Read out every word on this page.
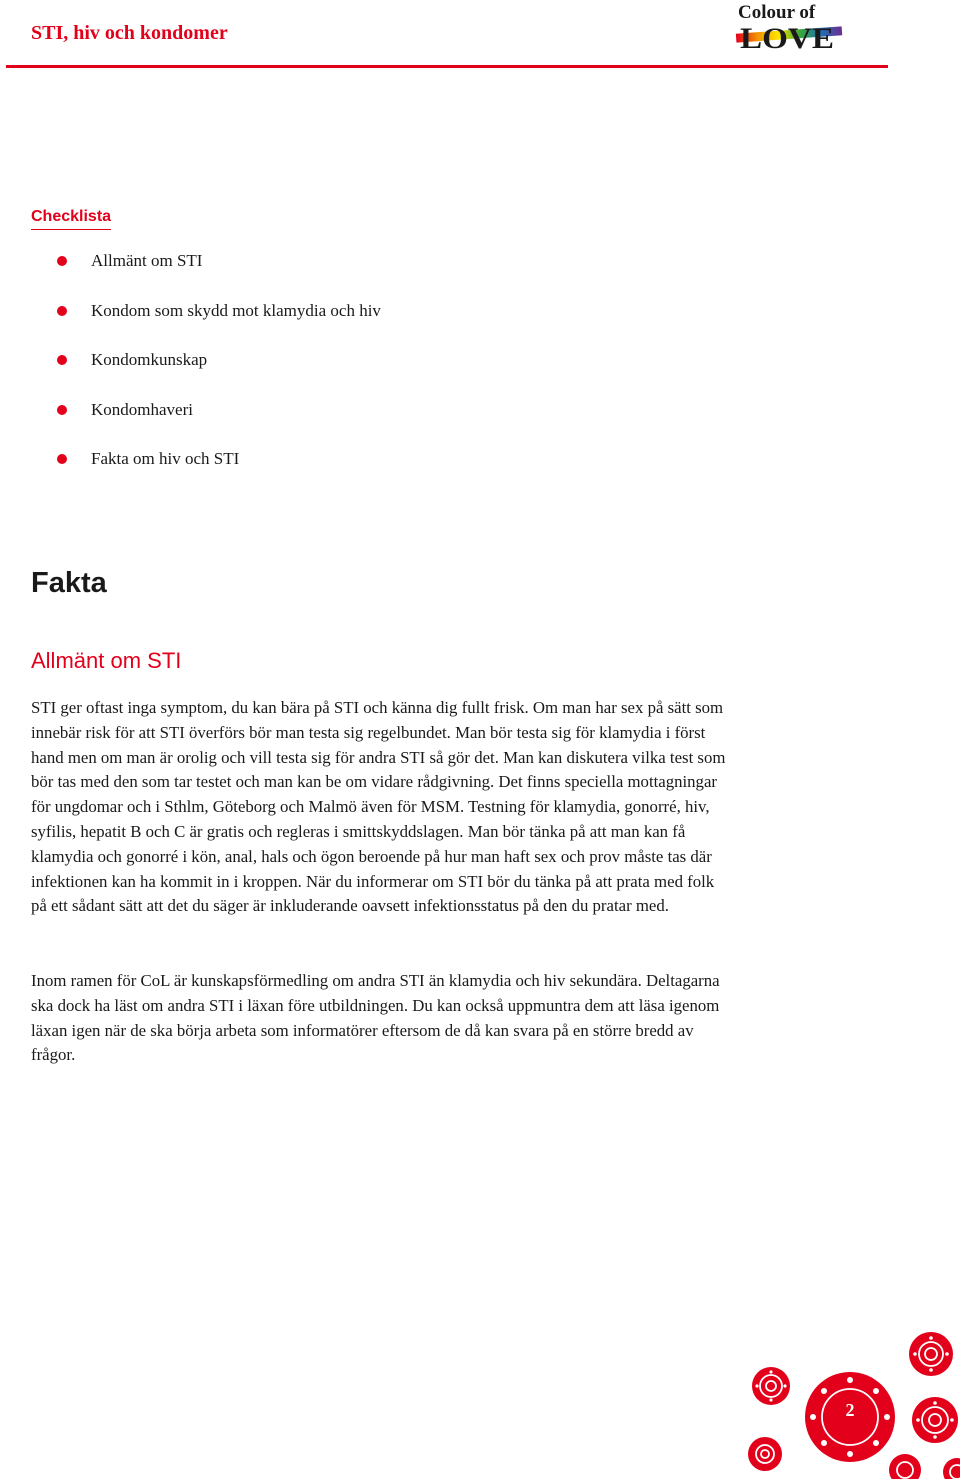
STI, hiv och kondomer
Colour of
LOVE
Checklista
Allmänt om STI
Kondom som skydd mot klamydia och hiv
Kondomkunskap
Kondomhaveri
Fakta om hiv och STI
Fakta
Allmänt om STI

STI ger oftast inga symptom, du kan bära på STI och känna dig fullt frisk. Om man har sex på sätt som innebär risk för att STI överförs bör man testa sig regelbundet. Man bör testa sig för klamydia i först hand men om man är orolig och vill testa sig för andra STI så gör det. Man kan diskutera vilka test som bör tas med den som tar testet och man kan be om vidare rådgivning. Det finns speciella mottagningar för ungdomar och i Sthlm, Göteborg och Malmö även för MSM. Testning för klamydia, gonorré, hiv, syfilis, hepatit B och C är gratis och regleras i smittskyddslagen. Man bör tänka på att man kan få klamydia och gonorré i kön, anal, hals och ögon beroende på hur man haft sex och prov måste tas där infektionen kan ha kommit in i kroppen. När du informerar om STI bör du tänka på att prata med folk på ett sådant sätt att det du säger är inkluderande oavsett infektionsstatus på den du pratar med.

Inom ramen för CoL är kunskapsförmedling om andra STI än klamydia och hiv sekundära. Deltagarna ska dock ha läst om andra STI i läxan före utbildningen. Du kan också uppmuntra dem att läsa igenom läxan igen när de ska börja arbeta som informatörer eftersom de då kan svara på en större bredd av frågor.

2
